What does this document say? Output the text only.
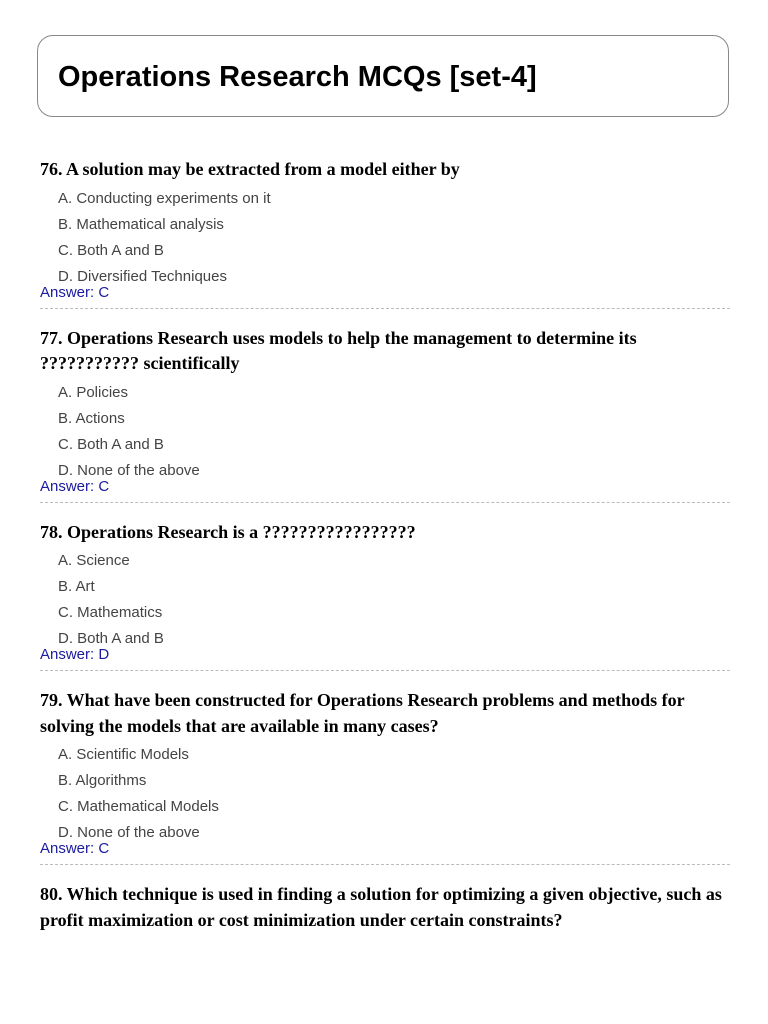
Operations Research MCQs [set-4]

76. A solution may be extracted from a model either by

A. Conducting experiments on it
B. Mathematical analysis
C. Both A and B
D. Diversified Techniques
Answer: C

77. Operations Research uses models to help the management to determine its ??????????? scientifically

A. Policies
B. Actions
C. Both A and B
D. None of the above
Answer: C

78. Operations Research is a ?????????????????

A. Science
B. Art
C. Mathematics
D. Both A and B
Answer: D

79. What have been constructed for Operations Research problems and methods for solving the models that are available in many cases?

A. Scientific Models
B. Algorithms
C. Mathematical Models
D. None of the above
Answer: C

80. Which technique is used in finding a solution for optimizing a given objective, such as profit maximization or cost minimization under certain constraints?
